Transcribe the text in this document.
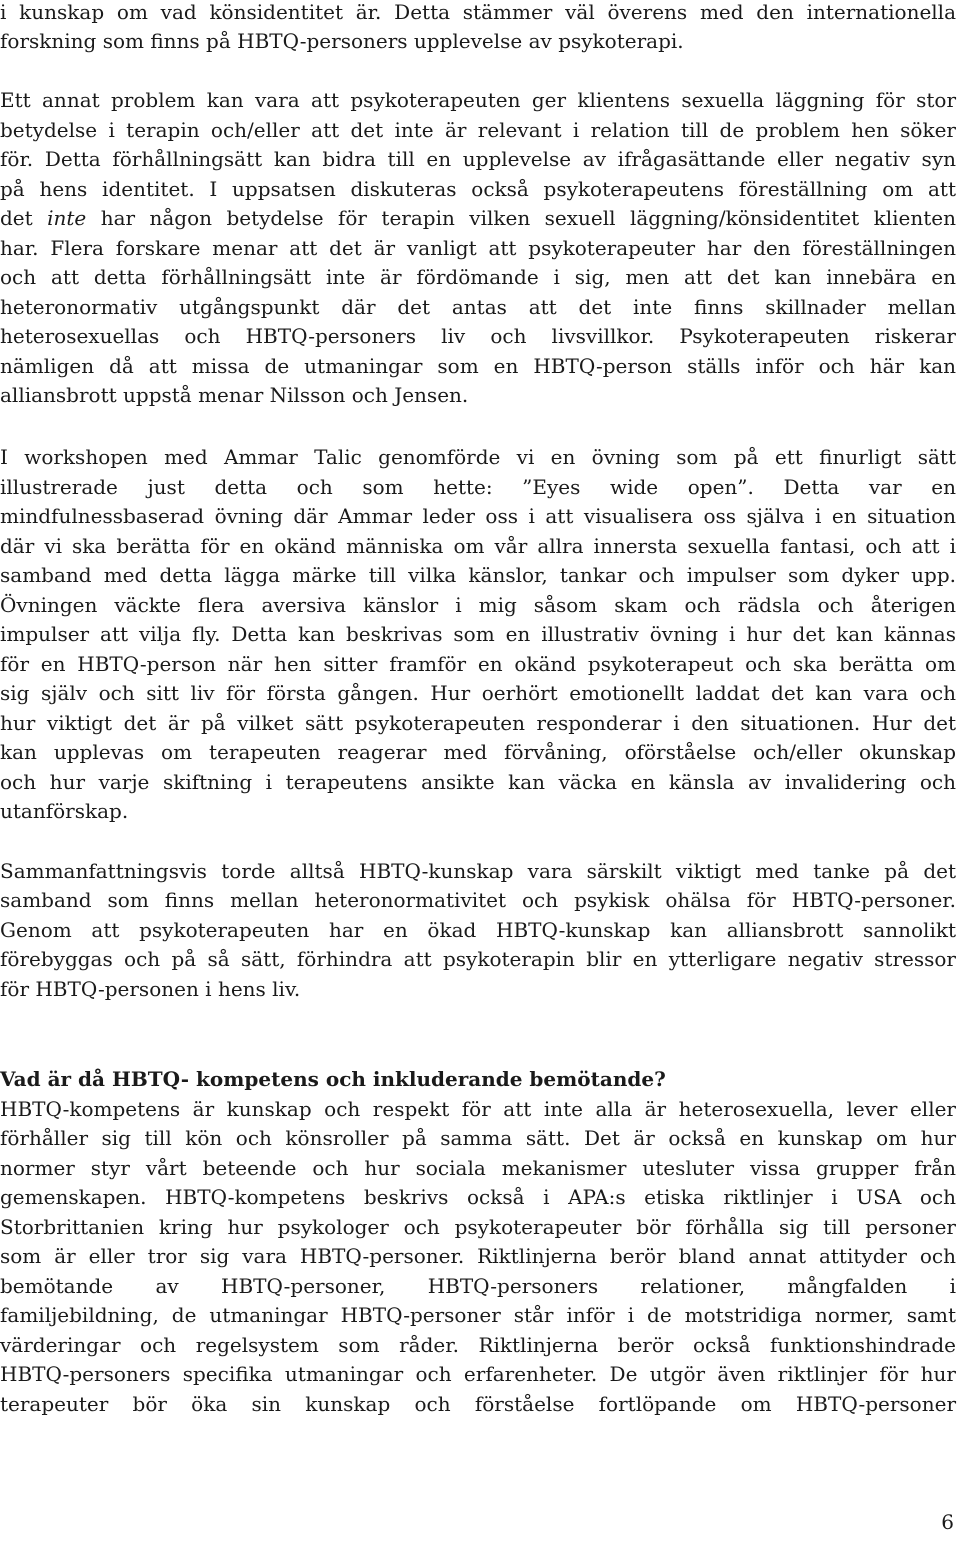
i kunskap om vad könsidentitet är. Detta stämmer väl överens med den internationella
forskning som finns på HBTQ-personers upplevelse av psykoterapi.
Ett annat problem kan vara att psykoterapeuten ger klientens sexuella läggning för stor
betydelse i terapin och/eller att det inte är relevant i relation till de problem hen söker
för. Detta förhållningsätt kan bidra till en upplevelse av ifrågasättande eller negativ syn
på hens identitet. I uppsatsen diskuteras också psykoterapeutens föreställning om att
det inte har någon betydelse för terapin vilken sexuell läggning/könsidentitet klienten
har. Flera forskare menar att det är vanligt att psykoterapeuter har den föreställningen
och att detta förhållningsätt inte är fördömande i sig, men att det kan innebära en
heteronormativ utgångspunkt där det antas att det inte finns skillnader mellan
heterosexuellas och HBTQ-personers liv och livsvillkor. Psykoterapeuten riskerar
nämligen då att missa de utmaningar som en HBTQ-person ställs inför och här kan
alliansbrott uppstå menar Nilsson och Jensen.
I workshopen med Ammar Talic genomförde vi en övning som på ett finurligt sätt
illustrerade just detta och som hette: ”Eyes wide open”. Detta var en
mindfulnessbaserad övning där Ammar leder oss i att visualisera oss själva i en situation
där vi ska berätta för en okänd människa om vår allra innersta sexuella fantasi, och att i
samband med detta lägga märke till vilka känslor, tankar och impulser som dyker upp.
Övningen väckte flera aversiva känslor i mig såsom skam och rädsla och återigen
impulser att vilja fly. Detta kan beskrivas som en illustrativ övning i hur det kan kännas
för en HBTQ-person när hen sitter framför en okänd psykoterapeut och ska berätta om
sig själv och sitt liv för första gången. Hur oerhört emotionellt laddat det kan vara och
hur viktigt det är på vilket sätt psykoterapeuten responderar i den situationen. Hur det
kan upplevas om terapeuten reagerar med förvåning, oförståelse och/eller okunskap
och hur varje skiftning i terapeutens ansikte kan väcka en känsla av invalidering och
utanförskap.
Sammanfattningsvis torde alltså HBTQ-kunskap vara särskilt viktigt med tanke på det
samband som finns mellan heteronormativitet och psykisk ohälsa för HBTQ-personer.
Genom att psykoterapeuten har en ökad HBTQ-kunskap kan alliansbrott sannolikt
förebyggas och på så sätt, förhindra att psykoterapin blir en ytterligare negativ stressor
för HBTQ-personen i hens liv.
Vad är då HBTQ- kompetens och inkluderande bemötande?
HBTQ-kompetens är kunskap och respekt för att inte alla är heterosexuella, lever eller
förhåller sig till kön och könsroller på samma sätt. Det är också en kunskap om hur
normer styr vårt beteende och hur sociala mekanismer utesluter vissa grupper från
gemenskapen. HBTQ-kompetens beskrivs också i APA:s etiska riktlinjer i USA och
Storbrittanien kring hur psykologer och psykoterapeuter bör förhålla sig till personer
som är eller tror sig vara HBTQ-personer. Riktlinjerna berör bland annat attityder och
bemötande av HBTQ-personer, HBTQ-personers relationer, mångfalden i
familjebildning, de utmaningar HBTQ-personer står inför i de motstridiga normer, samt
värderingar och regelsystem som råder. Riktlinjerna berör också funktionshindrade
HBTQ-personers specifika utmaningar och erfarenheter. De utgör även riktlinjer för hur
terapeuter bör öka sin kunskap och förståelse fortlöpande om HBTQ-personer
6
